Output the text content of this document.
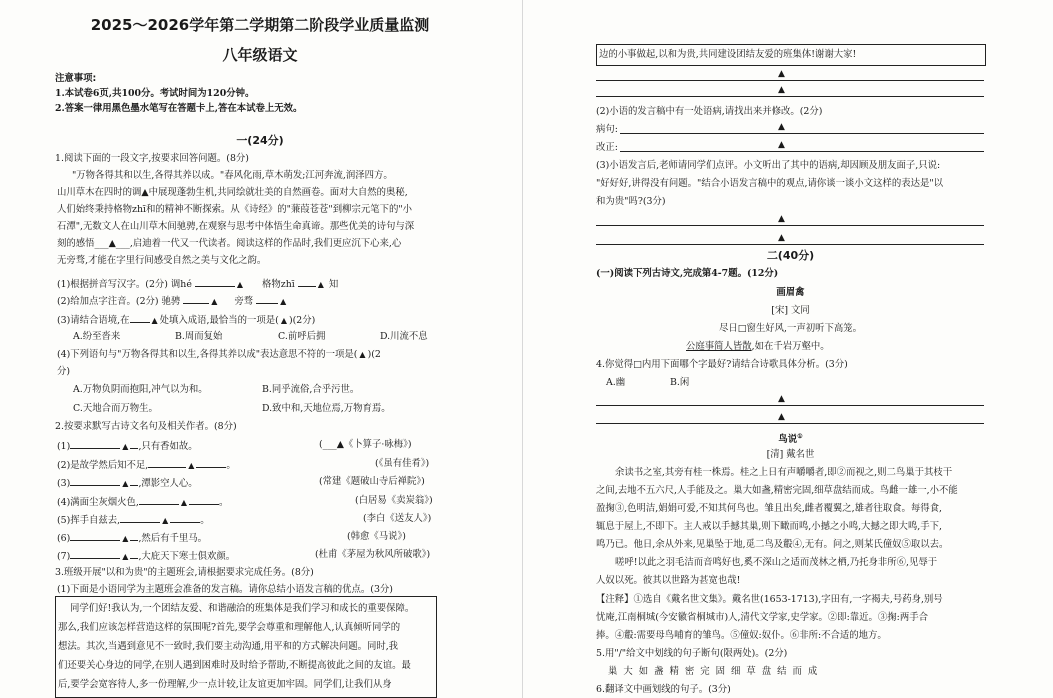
2025～2026学年第二学期第二阶段学业质量监测
八年级语文
注意事项:
1.本试卷6页,共100分。考试时间为120分钟。
2.答案一律用黑色墨水笔写在答题卡上,答在本试卷上无效。
一(24分)
1.阅读下面的一段文字,按要求回答问题。(8分)
"万物各得其和以生,各得其养以成。"春风化雨,草木萌发;江河奔流,润泽四方。
山川草木在四时的调▲中展现蓬勃生机,共同绘就壮美的自然画卷。面对大自然的奥秘,
人们始终秉持格物zhī和的精神不断探索。从《诗经》的"蒹葭苍苍"到柳宗元笔下的"小
石潭",无数文人在山川草木间驰骋,在观察与思考中体悟生命真谛。那些优美的诗句与深
刻的感悟___▲___,启迪着一代又一代读者。阅读这样的作品时,我们更应沉下心来,心
无旁骛,才能在字里行间感受自然之美与文化之韵。
(1)根据拼音写汉字。(2分) 调hé	▲ 格物zhī	▲ 知
(2)给加点字注音。(2分) 驰骋	▲ 旁骛	▲
(3)请结合语境,在	▲ 处填入成语,最恰当的一项是( ▲ )(2分)
A.纷至沓来	B.周而复始	C.前呼后拥	D.川流不息
(4)下列语句与"万物各得其和以生,各得其养以成"表达意思不符的一项是( ▲ )(2
分)
A.万物负阴而抱阳,冲气以为和。	B.同乎流俗,合乎污世。
C.天地合而万物生。	D.致中和,天地位焉,万物育焉。
2.按要求默写古诗文名句及相关作者。(8分)
(1)	▲ ,只有香如故。	(___▲《卜算子·咏梅》)
(2)是故学然后知不足,	▲	。	(《虽有佳肴》)
(3)	▲ ,潭影空人心。	(常建《题破山寺后禅院》)
(4)满面尘灰烟火色,	▲	。	(白居易《卖炭翁》)
(5)挥手自兹去,	▲	。	(李白《送友人》)
(6)	▲ ,然后有千里马。	(韩愈《马说》)
(7)	▲ ,大庇天下寒士俱欢颜。	(杜甫《茅屋为秋风所破歌》)
3.班级开展"以和为贵"的主题班会,请根据要求完成任务。(8分)
(1)下面是小语同学为主题班会准备的发言稿。请你总结小语发言稿的优点。(3分)
同学们好!我认为,一个团结友爱、和谐融洽的班集体是我们学习和成长的重要保障。
那么,我们应该怎样营造这样的氛围呢?首先,要学会尊重和理解他人,认真倾听同学的
想法。其次,当遇到意见不一致时,我们要主动沟通,用平和的方式解决问题。同时,我
们还要关心身边的同学,在别人遇到困难时及时给予帮助,不断提高彼此之间的友谊。最
后,要学会宽容待人,多一份理解,少一点计较,让友谊更加牢固。同学们,让我们从身
边的小事做起,以和为贵,共同建设团结友爱的班集体!谢谢大家!
▲
▲
(2)小语的发言稿中有一处语病,请找出来并修改。(2分)
病句:	▲
改正:	▲
(3)小语发言后,老师请同学们点评。小文听出了其中的语病,却因顾及朋友面子,只说:
"好好好,讲得没有问题。"结合小语发言稿中的观点,请你谈一谈小文这样的表达是"以
和为贵"吗?(3分)
▲
▲
二(40分)
(一)阅读下列古诗文,完成第4-7题。(12分)
画眉禽
[宋] 文同
尽日□窗生好风,一声初听下高笼。
公庭事简人皆散,如在千岩万壑中。
4.你觉得□内用下面哪个字最好?请结合诗歌具体分析。(3分)
A.幽	B.闲
▲
▲
鸟说①
[清] 戴名世
余读书之室,其旁有桂一株焉。桂之上日有声嚼嚼者,即②而视之,则二鸟巢于其枝干
之间,去地不五六尺,人手能及之。巢大如盏,精密完固,细草盘结而成。鸟雌一雄一,小不能
盈掬③,色明洁,娟娟可爱,不知其何鸟也。雏且出矣,雌者覆翼之,雄者往取食。每得食,
辄息于屋上,不即下。主人戒以手撼其巢,则下瞰而鸣,小撼之小鸣,大撼之即大鸣,手下,
鸣乃已。他日,余从外来,见巢坠于地,觅二鸟及鷇④,无有。问之,则某氏僮奴⑤取以去。
嗟呼!以此之羽毛洁而音鸣好也,奚不深山之适而茂林之栖,乃托身非所⑥,见辱于
人奴以死。彼其以世路为甚宽也哉!
【注释】①选自《戴名世文集》。戴名世(1653-1713),字田有,一字褐夫,号药身,别号
忧庵,江南桐城(今安徽省桐城市)人,清代文学家,史学家。②即:靠近。③掬:两手合
捧。④鷇:需要母鸟哺育的雏鸟。⑤僮奴:奴仆。⑥非所:不合适的地方。
5.用"/"给文中划线的句子断句(限两处)。(2分)
巢大如盏精密完固细草盘结而成
6.翻译文中画划线的句子。(3分)
